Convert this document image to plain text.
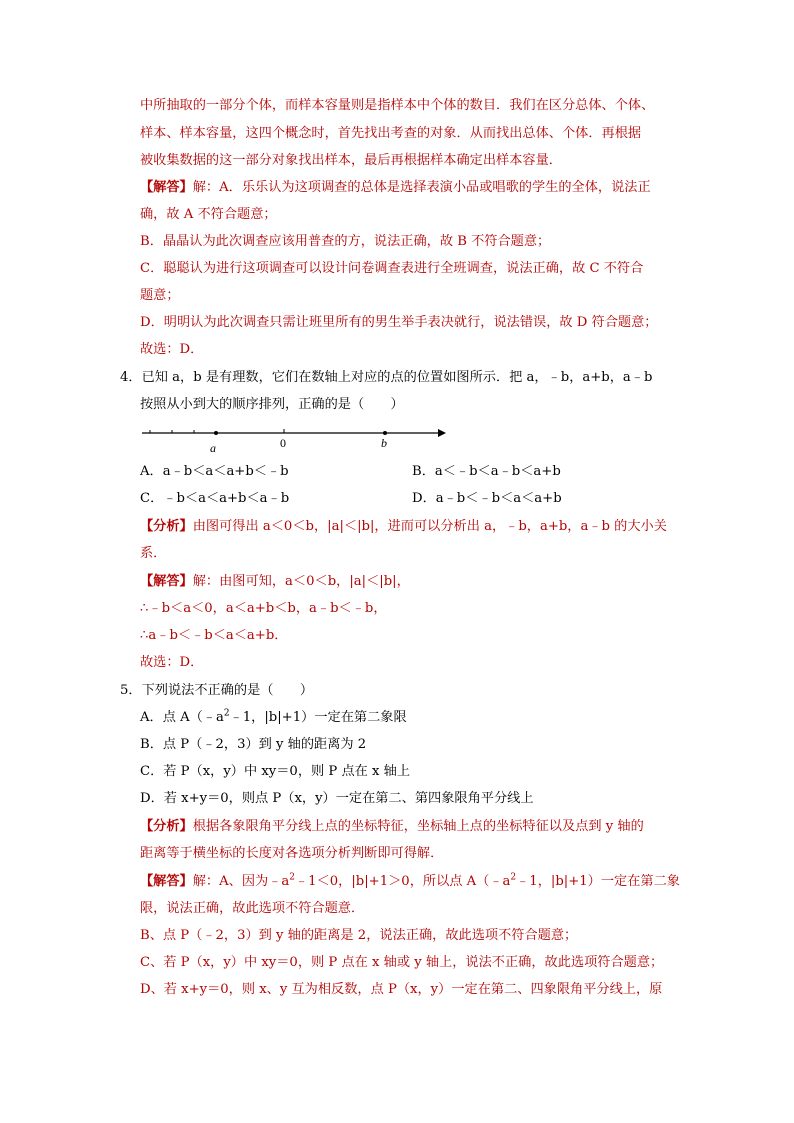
中所抽取的一部分个体，而样本容量则是指样本中个体的数目．我们在区分总体、个体、
样本、样本容量，这四个概念时，首先找出考查的对象．从而找出总体、个体．再根据
被收集数据的这一部分对象找出样本，最后再根据样本确定出样本容量．
【解答】解：A．乐乐认为这项调查的总体是选择表演小品或唱歌的学生的全体，说法正
确，故 A 不符合题意；
B．晶晶认为此次调查应该用普查的方，说法正确，故 B 不符合题意；
C．聪聪认为进行这项调查可以设计问卷调查表进行全班调查，说法正确，故 C 不符合
题意；
D．明明认为此次调查只需让班里所有的男生举手表决就行，说法错误，故 D 符合题意；
故选：D．
4．已知 a，b 是有理数，它们在数轴上对应的点的位置如图所示．把 a，﹣b，a+b，a﹣b
按照从小到大的顺序排列，正确的是（　　）
a	0	b
A．a﹣b＜a＜a+b＜﹣b	B．a＜﹣b＜a﹣b＜a+b
C．﹣b＜a＜a+b＜a﹣b	D．a﹣b＜﹣b＜a＜a+b
【分析】由图可得出 a＜0＜b，|a|＜|b|，进而可以分析出 a，﹣b，a+b，a﹣b 的大小关
系．
【解答】解：由图可知，a＜0＜b，|a|＜|b|，
∴﹣b＜a＜0，a＜a+b＜b，a﹣b＜﹣b，
∴a﹣b＜﹣b＜a＜a+b．
故选：D．
5．下列说法不正确的是（　　）
A．点 $A(﹣a^2﹣1$，|b|+1）一定在第二象限
B．点 P（﹣2，3）到 y 轴的距离为 2
C．若 P（x，y）中 xy＝0，则 P 点在 x 轴上
D．若 x+y＝0，则点 P（x，y）一定在第二、第四象限角平分线上
【分析】根据各象限角平分线上点的坐标特征，坐标轴上点的坐标特征以及点到 y 轴的
距离等于横坐标的长度对各选项分析判断即可得解．
【解答】解：A、因为$﹣a^2﹣1<0$，|b|+1＞0，所以点 $A(﹣a^2﹣1$，|b|+1）一定在第二象
限，说法正确，故此选项不符合题意．
B、点 P（﹣2，3）到 y 轴的距离是 2，说法正确，故此选项不符合题意；
C、若 P（x，y）中 xy＝0，则 P 点在 x 轴或 y 轴上，说法不正确，故此选项符合题意；
D、若 x+y＝0，则 x、y 互为相反数，点 P（x，y）一定在第二、四象限角平分线上，原
